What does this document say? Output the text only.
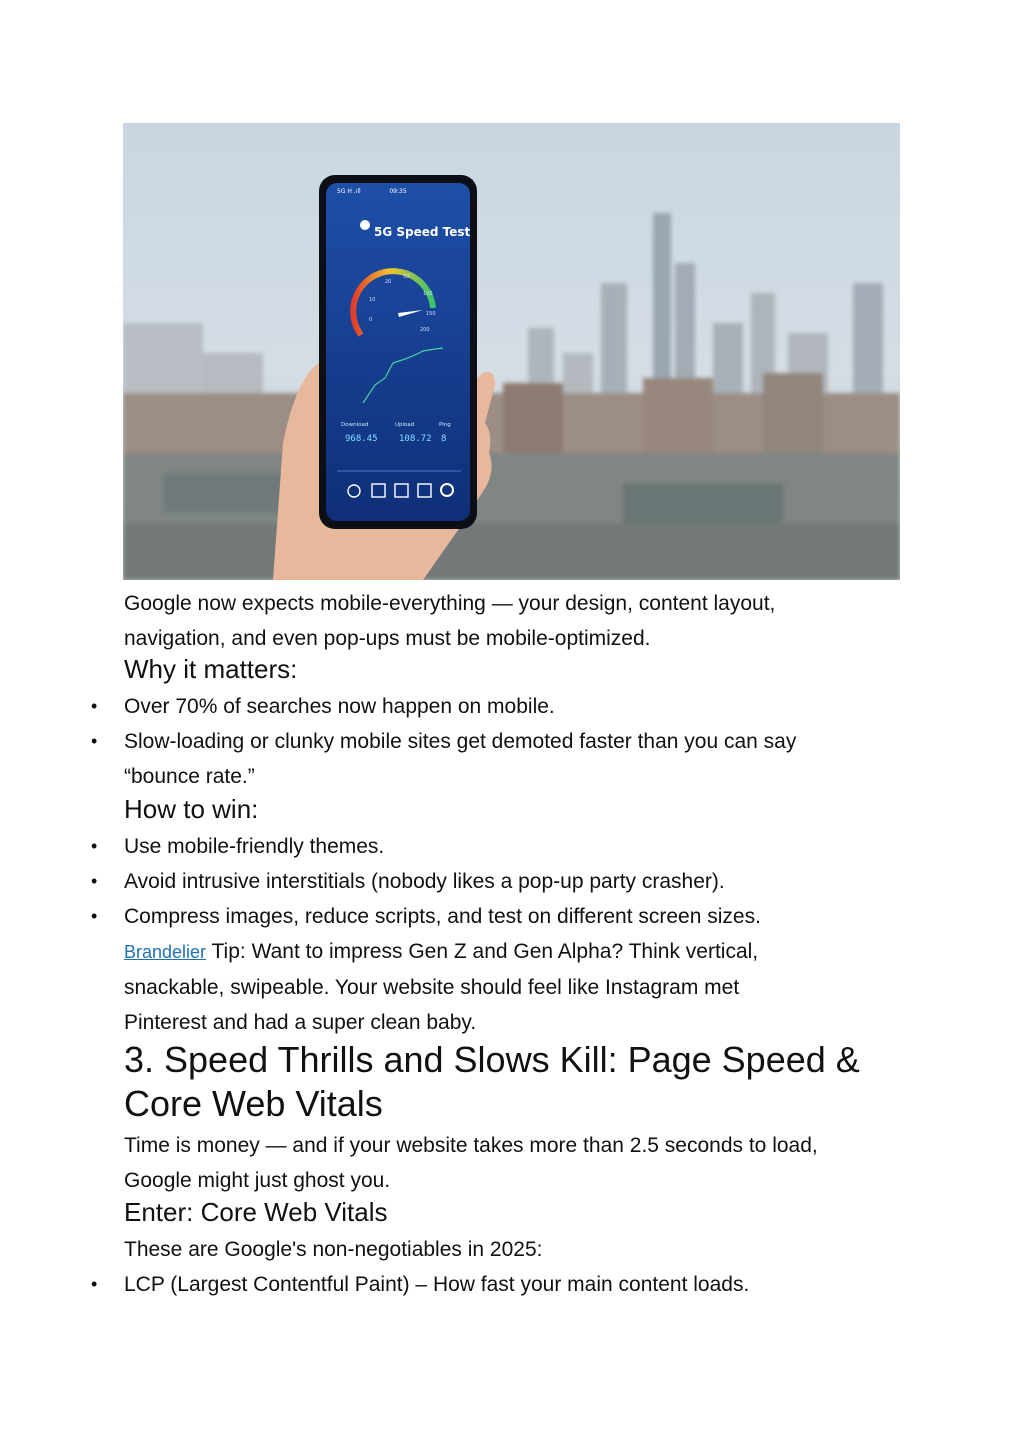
5G H .ıll	09:35
5G Speed Test
20
50
100
10
150
0
200
Download	Upload	Ping
968.45 108.72 8

Google now expects mobile-everything — your design, content layout,

navigation, and even pop-ups must be mobile-optimized.

Why it matters:
• Over 70% of searches now happen on mobile.
• Slow-loading or clunky mobile sites get demoted faster than you can say
“bounce rate.”
How to win:
• Use mobile-friendly themes.
• Avoid intrusive interstitials (nobody likes a pop-up party crasher).
• Compress images, reduce scripts, and test on different screen sizes.

Brandelier Tip: Want to impress Gen Z and Gen Alpha? Think vertical,

snackable, swipeable. Your website should feel like Instagram met

Pinterest and had a super clean baby.

3. Speed Thrills and Slows Kill: Page Speed &
Core Web Vitals

Time is money — and if your website takes more than 2.5 seconds to load,

Google might just ghost you.

Enter: Core Web Vitals

These are Google's non-negotiables in 2025:

• LCP (Largest Contentful Paint) – How fast your main content loads.
